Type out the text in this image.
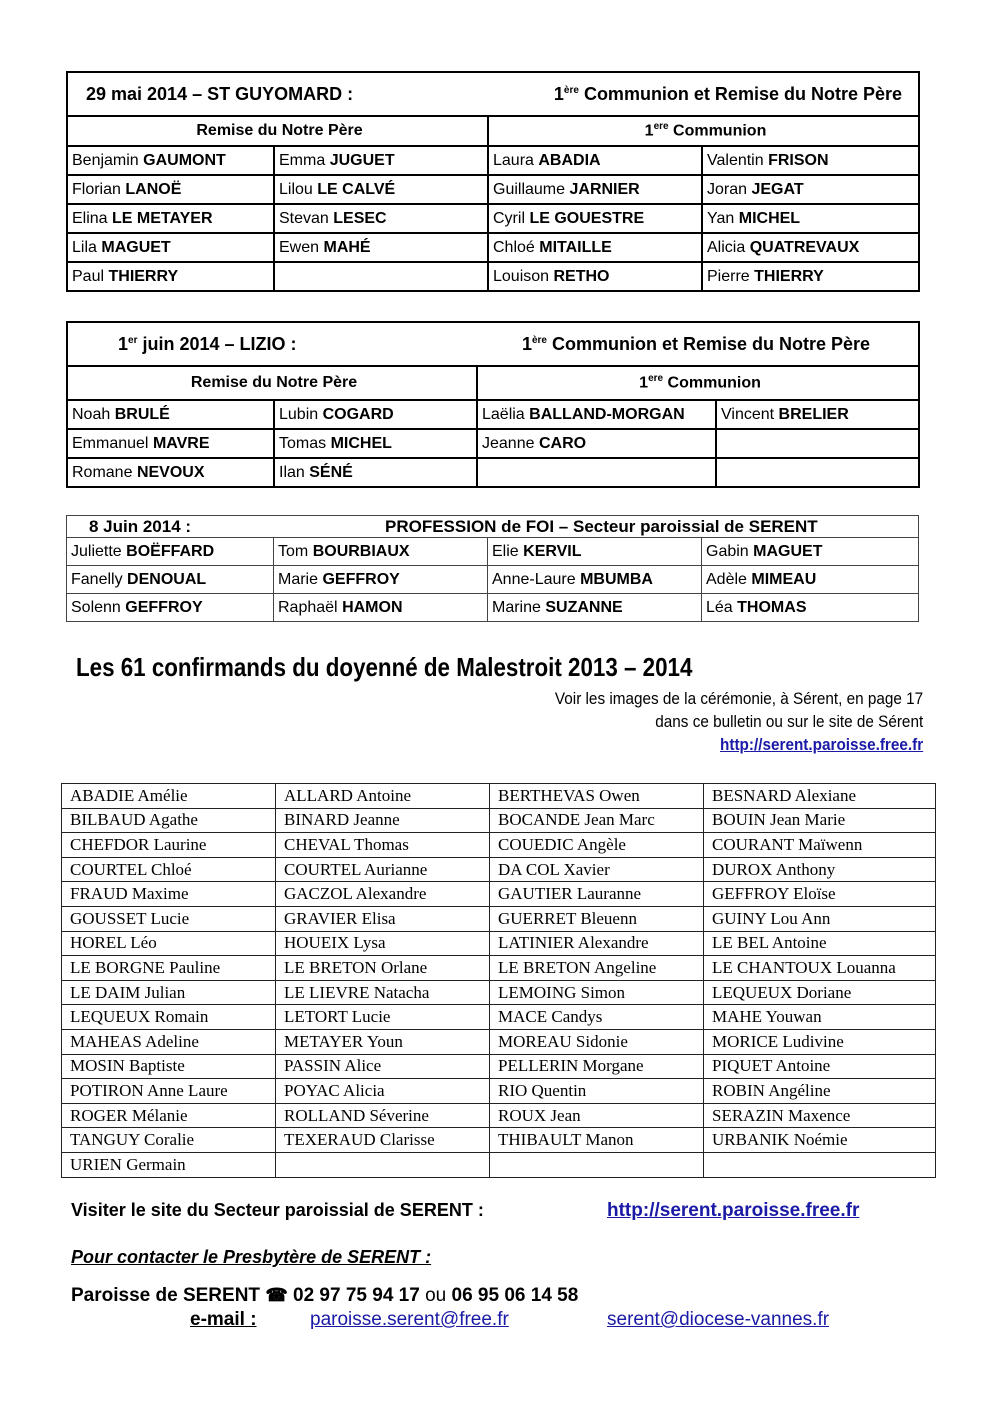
29 mai 2014 – ST GUYOMARD : 1ère Communion et Remise du Notre Père			

Remise du Notre Père		1ere Communion	
Benjamin GAUMONT	Emma JUGUET	Laura ABADIA	Valentin FRISON
Florian LANOË	Lilou LE CALVÉ	Guillaume JARNIER	Joran JEGAT
Elina LE METAYER	Stevan LESEC	Cyril LE GOUESTRE	Yan MICHEL
Lila MAGUET	Ewen MAHÉ	Chloé MITAILLE	Alicia QUATREVAUX
Paul THIERRY		Louison RETHO	Pierre THIERRY
1er juin 2014 – LIZIO : 1ère Communion et Remise du Notre Père			

Remise du Notre Père		1ere Communion	
Noah BRULÉ	Lubin COGARD	Laëlia BALLAND-MORGAN	Vincent BRELIER
Emmanuel MAVRE	Tomas MICHEL	Jeanne CARO	
Romane NEVOUX	Ilan SÉNÉ		
8 Juin 2014 : PROFESSION de FOI – Secteur paroissial de SERENT			

Juliette BOËFFARD	Tom BOURBIAUX	Elie KERVIL	Gabin MAGUET
Fanelly DENOUAL	Marie GEFFROY	Anne-Laure MBUMBA	Adèle MIMEAU
Solenn GEFFROY	Raphaël HAMON	Marine SUZANNE	Léa THOMAS
Les 61 confirmands du doyenné de Malestroit 2013 – 2014
Voir les images de la cérémonie, à Sérent, en page 17
dans ce bulletin ou sur le site de Sérent
http://serent.paroisse.free.fr
ABADIE Amélie	ALLARD Antoine	BERTHEVAS Owen	BESNARD Alexiane
BILBAUD Agathe	BINARD Jeanne	BOCANDE Jean Marc	BOUIN Jean Marie
CHEFDOR Laurine	CHEVAL Thomas	COUEDIC Angèle	COURANT Maïwenn
COURTEL Chloé	COURTEL Aurianne	DA COL Xavier	DUROX Anthony
FRAUD Maxime	GACZOL Alexandre	GAUTIER Lauranne	GEFFROY Eloïse
GOUSSET Lucie	GRAVIER Elisa	GUERRET Bleuenn	GUINY Lou Ann
HOREL Léo	HOUEIX Lysa	LATINIER Alexandre	LE BEL Antoine
LE BORGNE Pauline	LE BRETON Orlane	LE BRETON Angeline	LE CHANTOUX Louanna
LE DAIM Julian	LE LIEVRE Natacha	LEMOING Simon	LEQUEUX Doriane
LEQUEUX Romain	LETORT Lucie	MACE Candys	MAHE Youwan
MAHEAS Adeline	METAYER Youn	MOREAU Sidonie	MORICE Ludivine
MOSIN Baptiste	PASSIN Alice	PELLERIN Morgane	PIQUET Antoine
POTIRON Anne Laure	POYAC Alicia	RIO Quentin	ROBIN Angéline
ROGER Mélanie	ROLLAND Séverine	ROUX Jean	SERAZIN Maxence
TANGUY Coralie	TEXERAUD Clarisse	THIBAULT Manon	URBANIK Noémie
URIEN Germain			
Visiter le site du Secteur paroissial de SERENT :	http://serent.paroisse.free.fr
Pour contacter le Presbytère de SERENT :
Paroisse de SERENT ☎ 02 97 75 94 17 ou 06 95 06 14 58
e-mail :	paroisse.serent@free.fr	serent@diocese-vannes.fr
